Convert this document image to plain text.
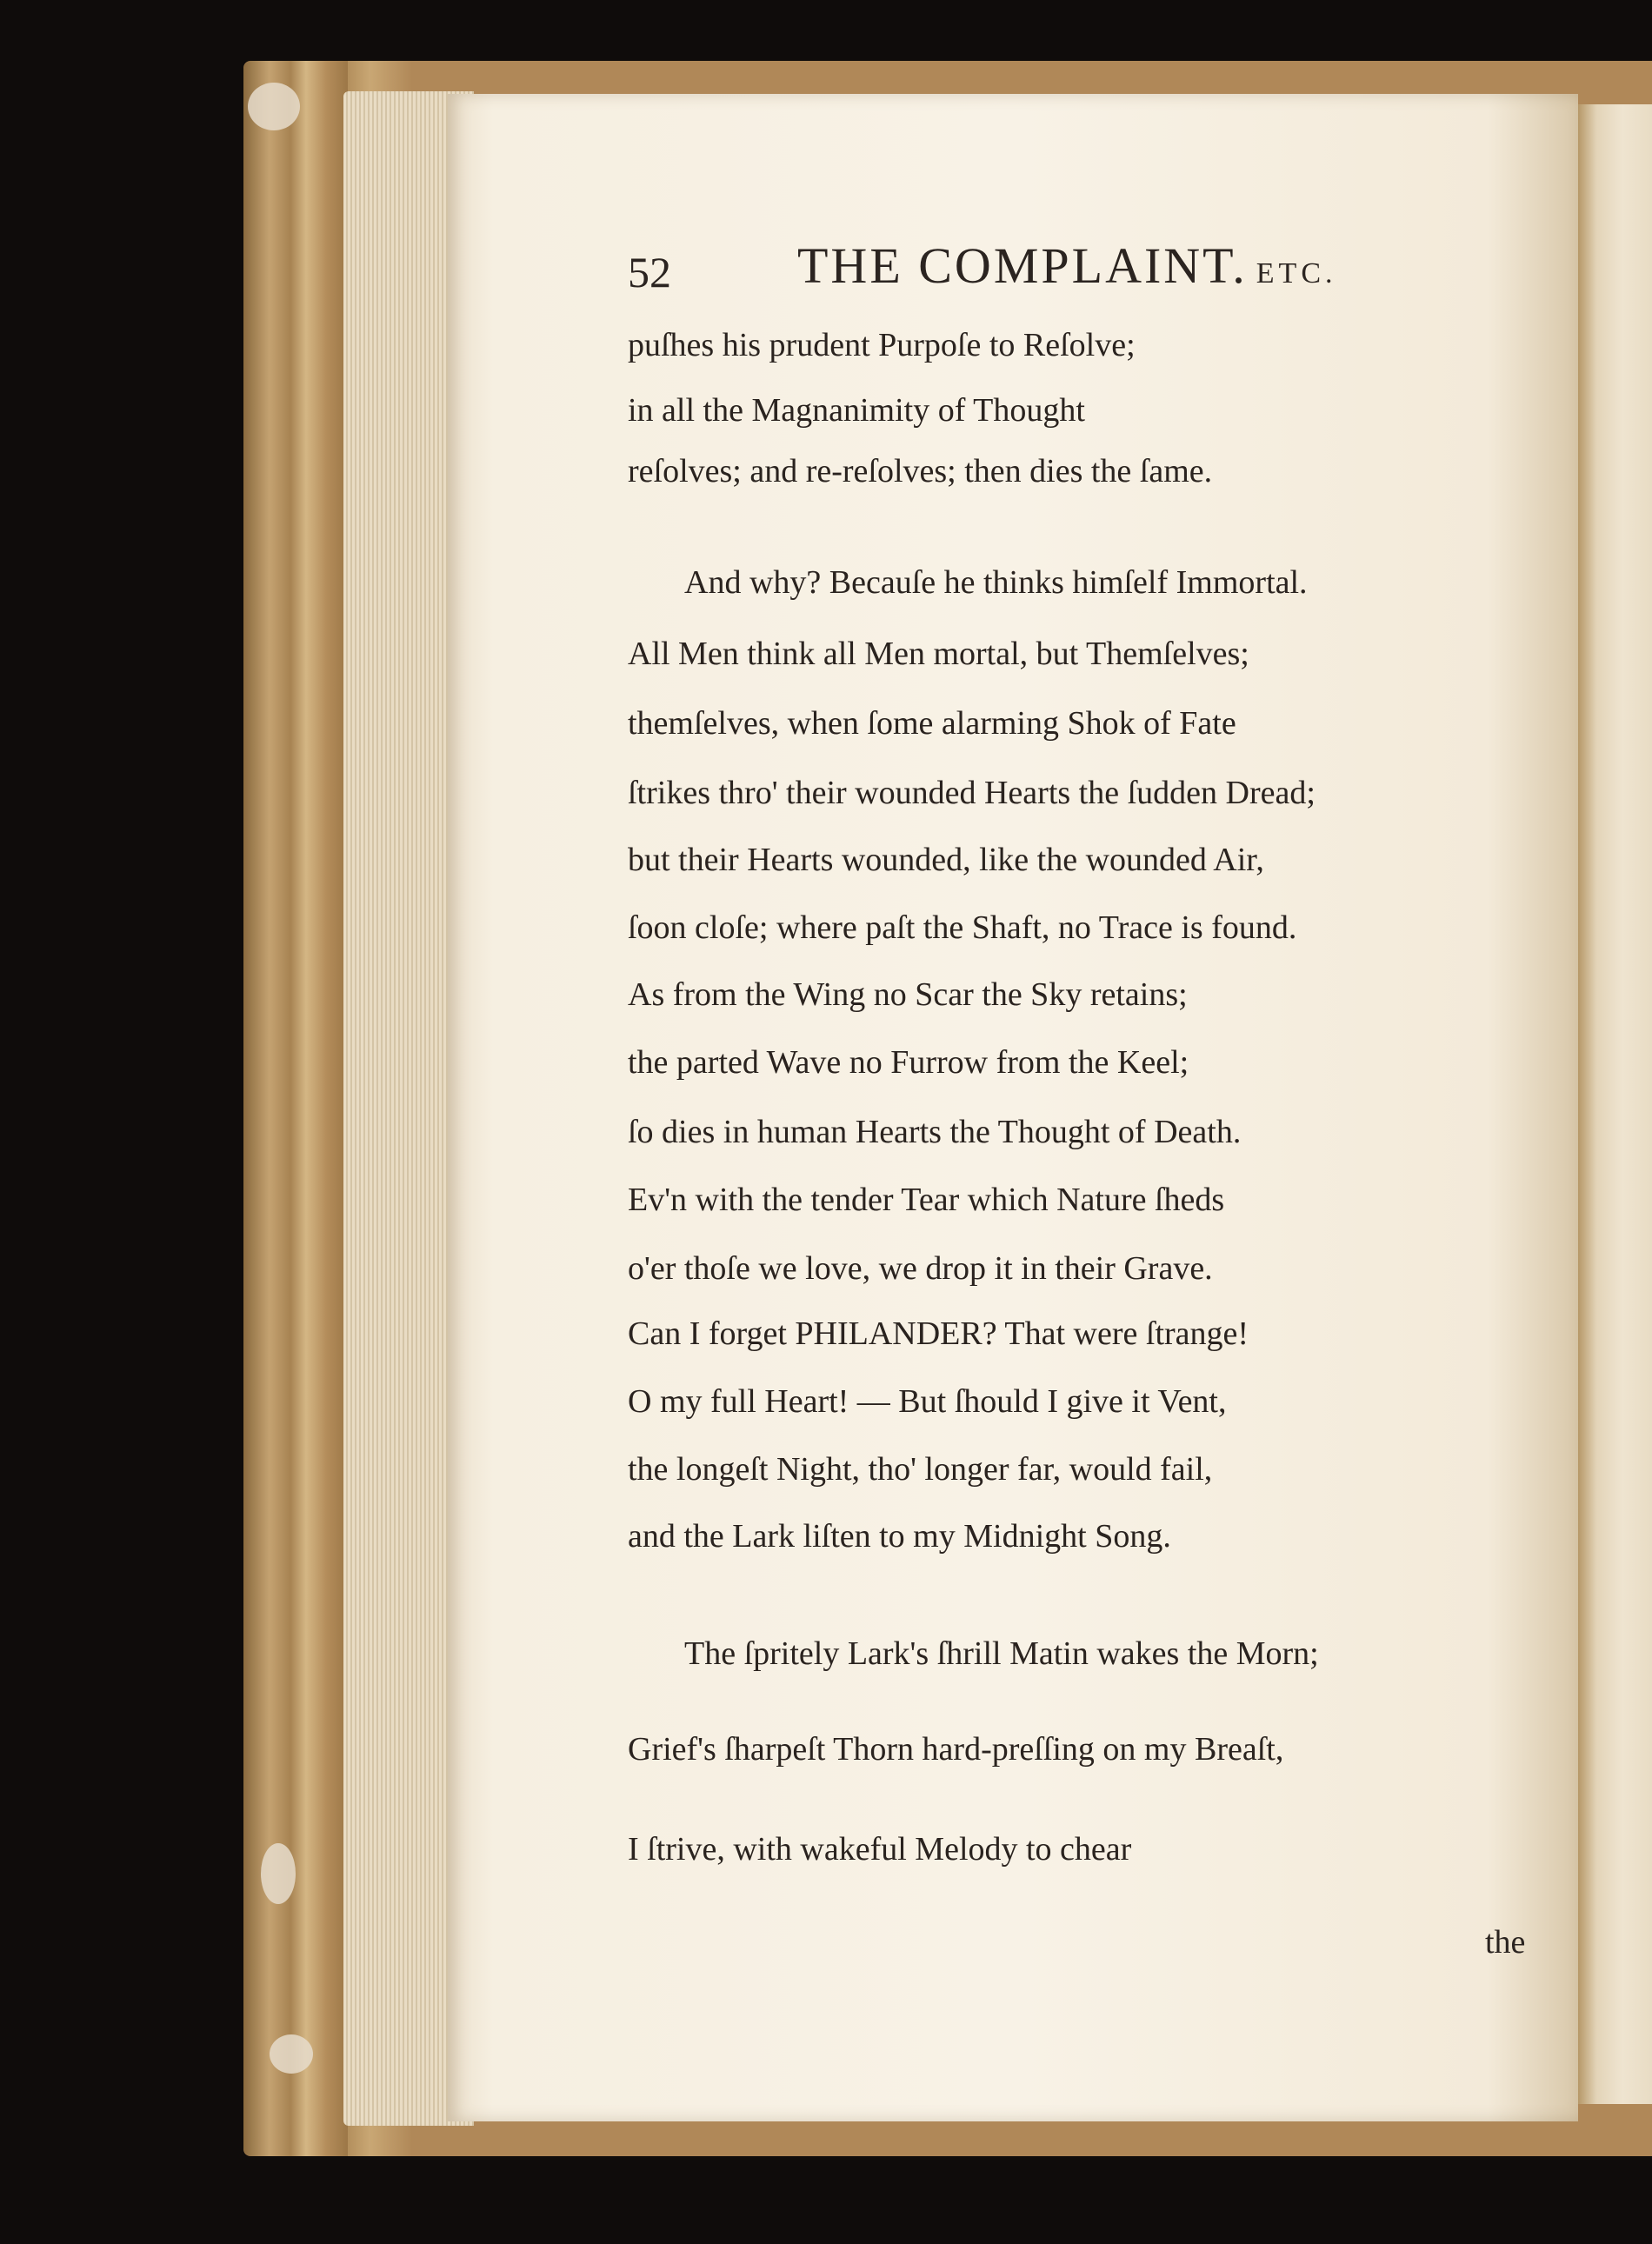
52	THE COMPLAINT. ETC.
puſhes his prudent Purpoſe to Reſolve;
in all the Magnanimity of Thought
reſolves; and re-reſolves; then dies the ſame.
And why? Becauſe he thinks himſelf Immortal.
All Men think all Men mortal, but Themſelves;
themſelves, when ſome alarming Shok of Fate
ſtrikes thro' their wounded Hearts the ſudden Dread;
but their Hearts wounded, like the wounded Air,
ſoon cloſe; where paſt the Shaft, no Trace is found.
As from the Wing no Scar the Sky retains;
the parted Wave no Furrow from the Keel;
ſo dies in human Hearts the Thought of Death.
Ev'n with the tender Tear which Nature ſheds
o'er thoſe we love, we drop it in their Grave.
Can I forget PHILANDER? That were ſtrange!
O my full Heart! — But ſhould I give it Vent,
the longeſt Night, tho' longer far, would fail,
and the Lark liſten to my Midnight Song.
The ſpritely Lark's ſhrill Matin wakes the Morn;
Grief's ſharpeſt Thorn hard-preſſing on my Breaſt,
I ſtrive, with wakeful Melody to chear
the
